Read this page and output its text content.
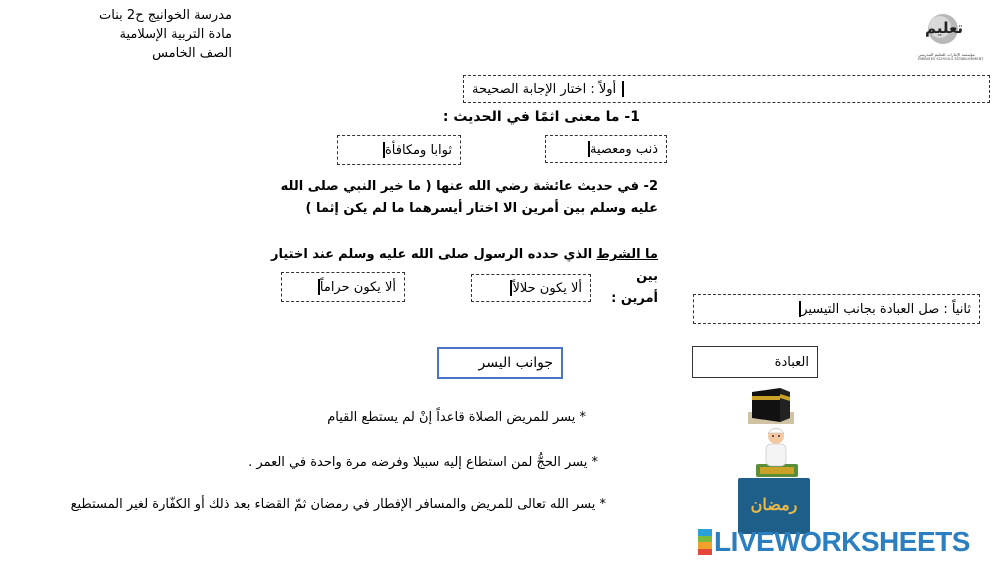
مدرسة الخوانيج ح2 بنات
مادة التربية الإسلامية
الصف الخامس
تعليم
مؤسسة الإمارات للتعليم المدرسي
EMIRATES SCHOOLS ESTABLISHMENT
أولاً : اختار الإجابة الصحيحة
1- ما معنى اثمًا في الحديث :
ذنب ومعصية
ثوابا ومكافأة
2- في حديث عائشة رضي الله عنها ( ما خير النبي صلى الله
عليه وسلم بين أمرين الا اختار أيسرهما ما لم يكن إثما )
ما الشرط الذي حدده الرسول صلى الله عليه وسلم عند اختيار بين
أمرين :
ألا يكون حلالاً
ألا يكون حراماً
ثانياً : صل العبادة بجانب التيسير
العبادة
جوانب اليسر
رمضان
* يسر للمريض الصلاة قاعداً إنْ لم يستطع القيام
* يسر الحجُّ لمن استطاع إليه سبيلا وفرضه مرة واحدة في العمر .
* يسر الله تعالى للمريض والمسافر الإفطار في رمضان ثمّ القضاء بعد ذلك أو الكفّارة لغير المستطيع
LIVEWORKSHEETS
